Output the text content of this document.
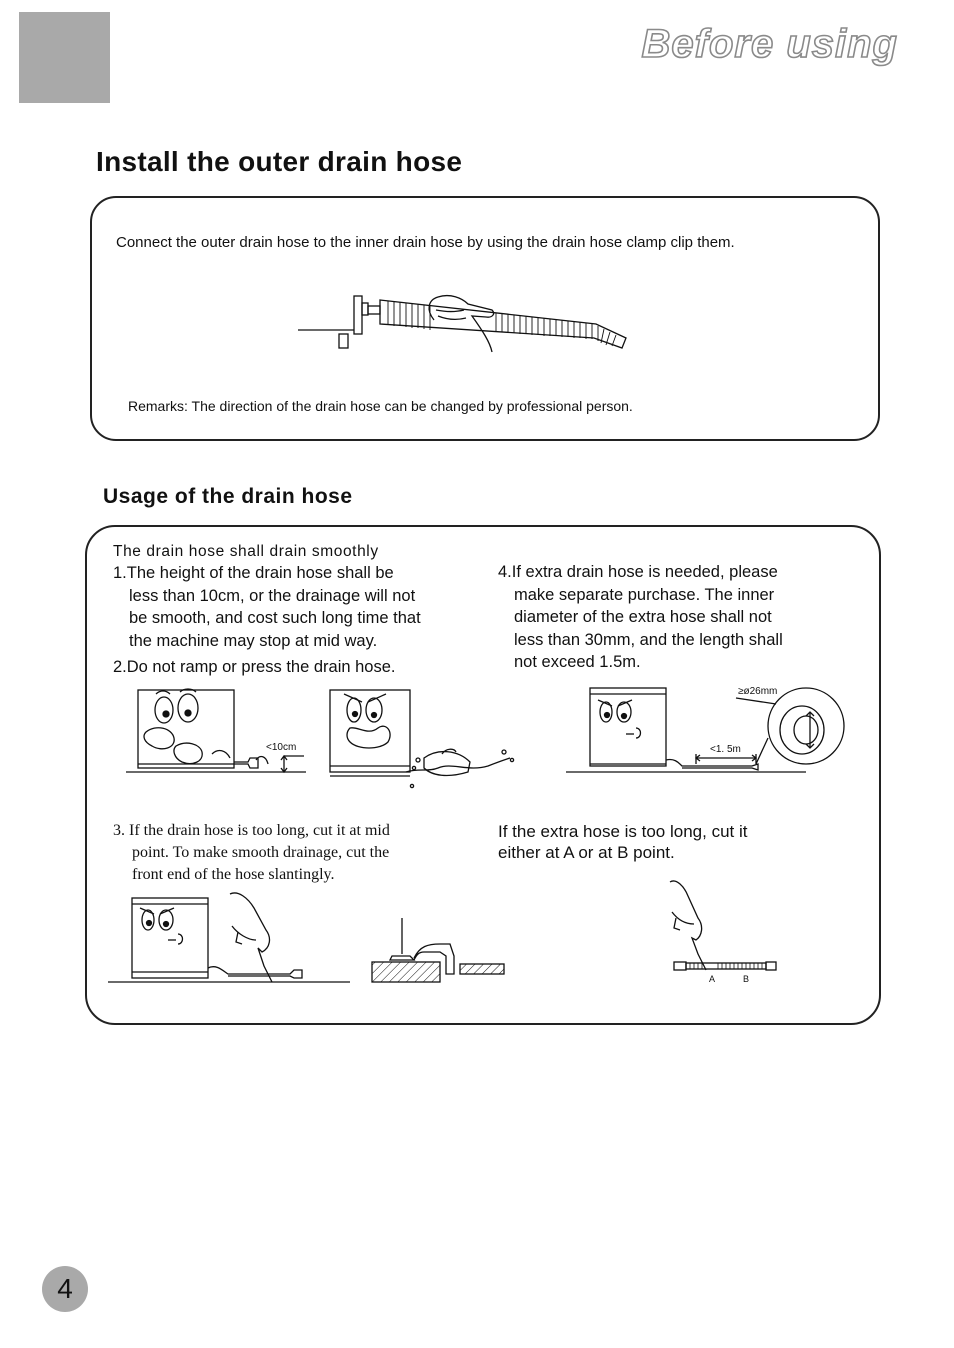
Before using
Install the outer drain hose
Connect the outer drain hose to the inner drain hose by using the drain hose clamp clip them.
Remarks: The direction of the drain hose can be changed by professional person.
Usage of the drain hose
The drain hose shall drain smoothly
1.The height of the drain hose shall be
less than 10cm, or the drainage will not
be smooth, and cost such long time that
the machine may stop at mid way.
2.Do not ramp or press the drain hose.
4.If extra drain hose is needed, please
make separate purchase. The inner
diameter of the extra hose shall not
less than 30mm, and the length shall
not exceed 1.5m.
<10cm
≥ø26mm
<1. 5m
3. If the drain hose is too long, cut it at mid
point. To make smooth drainage, cut the
front end of the hose slantingly.
If the extra hose is too long, cut it
either at A or at B point.
A	B
4
